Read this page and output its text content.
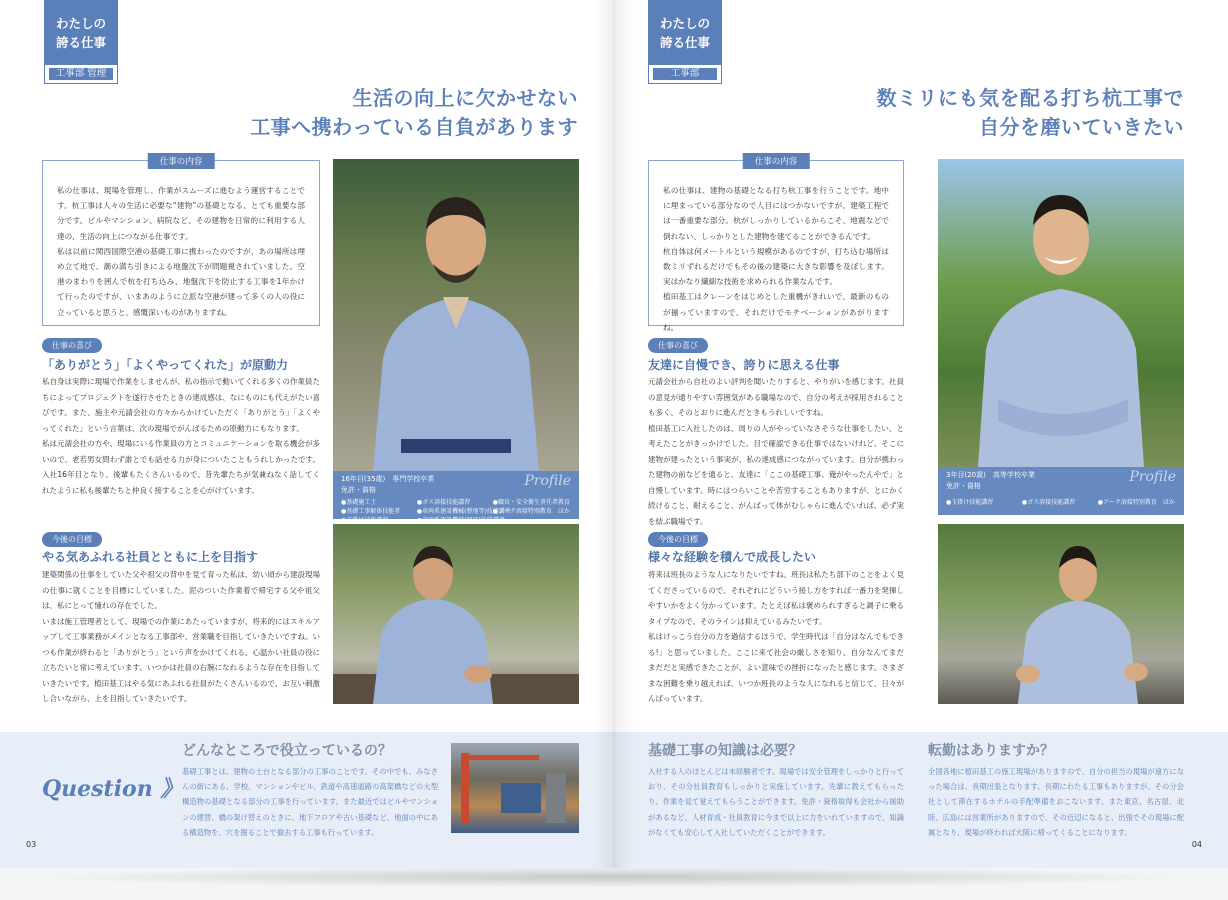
わたしの
誇る仕事
工事部 管理
生活の向上に欠かせない
工事へ携わっている自負があります
仕事の内容
私の仕事は、現場を管理し、作業がスムーズに進むよう運営することです。杭工事は人々の生活に必要な“建物”の基礎となる、とても重要な部分です。ビルやマンション、病院など、その建物を日常的に利用する人達の、生活の向上につながる仕事です。
私は以前に関西国際空港の基礎工事に携わったのですが、あの場所は埋め立て地で、潮の満ち引きによる地盤沈下が問題視されていました。空港のまわりを囲んで杭を打ち込み、地盤沈下を防止する工事を1年かけて行ったのですが、いまあのように立派な空港が建って多くの人の役に立っていると思うと、感慨深いものがありますね。
仕事の喜び
「ありがとう」「よくやってくれた」が原動力
私自身は実際に現場で作業をしませんが、私の指示で動いてくれる多くの作業員たちによってプロジェクトを遂行させたときの達成感は、なにものにも代えがたい喜びです。また、施主や元請会社の方々からかけていただく「ありがとう」「よくやってくれた」という言葉は、次の現場でがんばるための原動力にもなります。
私は元請会社の方や、現場にいる作業員の方とコミュニケーションを取る機会が多いので、老若男女問わず誰とでも話せる力が身についたこともうれしかったです。入社16年目となり、後輩もたくさんいるので、昔先輩たちが気兼ねなく話してくれたように私も後輩たちと仲良く接することを心がけています。
今後の目標
やる気あふれる社員とともに上を目指す
建築関係の仕事をしていた父や祖父の背中を見て育った私は、幼い頃から建設現場の仕事に就くことを目標にしていました。泥のついた作業着で帰宅する父や祖父は、私にとって憧れの存在でした。
いまは施工管理者として、現場での作業にあたっていますが、将来的にはスキルアップして工事業務がメインとなる工事部や、営業職を目指していきたいですね。いつも作業が終わると「ありがとう」という声をかけてくれる、心温かい社員の役に立ちたいと常に考えています。いつかは社員の右腕になれるような存在を目指していきたいです。植田基工はやる気にあふれる社員がたくさんいるので、お互い刺激し合いながら、上を目指していきたいです。
Profile
16年目(35歳)　専門学校卒業
免許・資格
●基礎施工士	●ガス溶接技能講習	●職長・安全衛生責任者教育
●基礎工事解体技能者	●車両系建設機械(整地等)技能講習
●アーク溶接特別教育　ほか
●玉掛け技能講習	●車両系建設機械(解体)技能講習
Question 》
どんなところで役立っているの？
基礎工事とは、建物の土台となる部分の工事のことです。その中でも、みなさんの街にある、学校、マンションやビル、鉄道や高速道路の高架橋などの大型構造物の基礎となる部分の工事を行っています。また最近ではビルやマンションの建替、橋の架け替えのときに、地下フロアや古い基礎など、地面の中にある構造物を、穴を掘ることで撤去する工事も行っています。
03
わたしの
誇る仕事
工事部
数ミリにも気を配る打ち杭工事で
自分を磨いていきたい
仕事の内容
私の仕事は、建物の基礎となる打ち杭工事を行うことです。地中に埋まっている部分なので人目にはつかないですが、建築工程では一番重要な部分。杭がしっかりしているからこそ、地震などで倒れない、しっかりとした建物を建てることができるんです。
杭自体は何メートルという規模があるのですが、打ち込む場所は数ミリずれるだけでもその後の建築に大きな影響を及ぼします。実はかなり繊細な技術を求められる作業なんです。
植田基工はクレーンをはじめとした重機がきれいで、最新のものが揃っていますので、それだけでモチベーションがあがりますね。
仕事の喜び
友達に自慢でき、誇りに思える仕事
元請会社から自社のよい評判を聞いたりすると、やりがいを感じます。社員の意見が通りやすい雰囲気がある職場なので、自分の考えが採用されることも多く、そのとおりに進んだときもうれしいですね。
植田基工に入社したのは、周りの人がやっていなさそうな仕事をしたい、と考えたことがきっかけでした。目で確認できる仕事ではないけれど、そこに建物が建ったという事実が、私の達成感につながっています。自分が携わった建物の前などを通ると、友達に「ここの基礎工事、俺がやったんやで」と自慢しています。時にはつらいことや苦労することもありますが、とにかく続けること、耐えること、がんばって体がむしゃらに進んでいれば、必ず実を結ぶ職場です。
今後の目標
様々な経験を積んで成長したい
将来は班長のような人になりたいですね。班長は私たち部下のことをよく見てくださっているので、それぞれにどういう接し方をすれば一番力を発揮しやすいかをよく分かっています。たとえば私は褒められすぎると調子に乗るタイプなので、そのラインは抑えているみたいです。
私はけっこう自分の力を過信するほうで、学生時代は「自分はなんでもできる!」と思っていました。ここに来て社会の厳しさを知り、自分なんてまだまだだと実感できたことが、よい意味での挫折になったと感じます。さまざまな困難を乗り越えれば、いつか班長のような人になれると信じて、日々がんばっています。
Profile
3年目(20歳)　高等学校卒業
免許・資格
●玉掛け技能講習	●ガス溶接技能講習	●アーク溶接特別教育　ほか
基礎工事の知識は必要？
入社する人のほとんどは未経験者です。現場では安全管理をしっかりと行っており、その分社員教育もしっかりと実施しています。先輩に教えてもらったり、作業を見て覚えてもらうことができます。免許・資格取得も会社から援助があるなど、人材育成・社員教育に今まで以上に力をいれていますので、知識がなくても安心して入社していただくことができます。
転勤はありますか？
全国各地に植田基工の施工現場がありますので、自分の担当の現場が遠方になった場合は、長期出張となります。長期にわたる工事もありますが、その分会社として滞在するホテルの手配準備をおこないます。また東京、名古屋、北陸、広島には営業所がありますので、その近辺になると、出張でその現場に配属となり、現場が終われば大阪に帰ってくることになります。
04
